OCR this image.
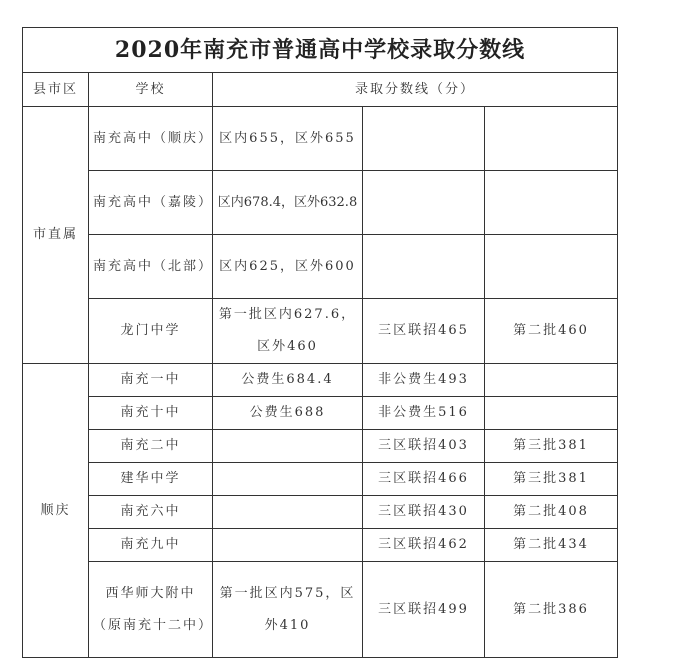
2020年南充市普通高中学校录取分数线				
县市区	学校	录取分数线（分）		
市直属	南充高中（顺庆）	区内655，区外655		
	南充高中（嘉陵）	区内678.4，区外632.8		
	南充高中（北部）	区内625，区外600		
	龙门中学	第一批区内627.6，区外460	三区联招465	第二批460
顺庆	南充一中	公费生684.4	非公费生493	
	南充十中	公费生688	非公费生516	
	南充二中		三区联招403	第三批381
	建华中学		三区联招466	第三批381
	南充六中		三区联招430	第二批408
	南充九中		三区联招462	第二批434
	西华师大附中（原南充十二中）	第一批区内575，区外410	三区联招499	第二批386
